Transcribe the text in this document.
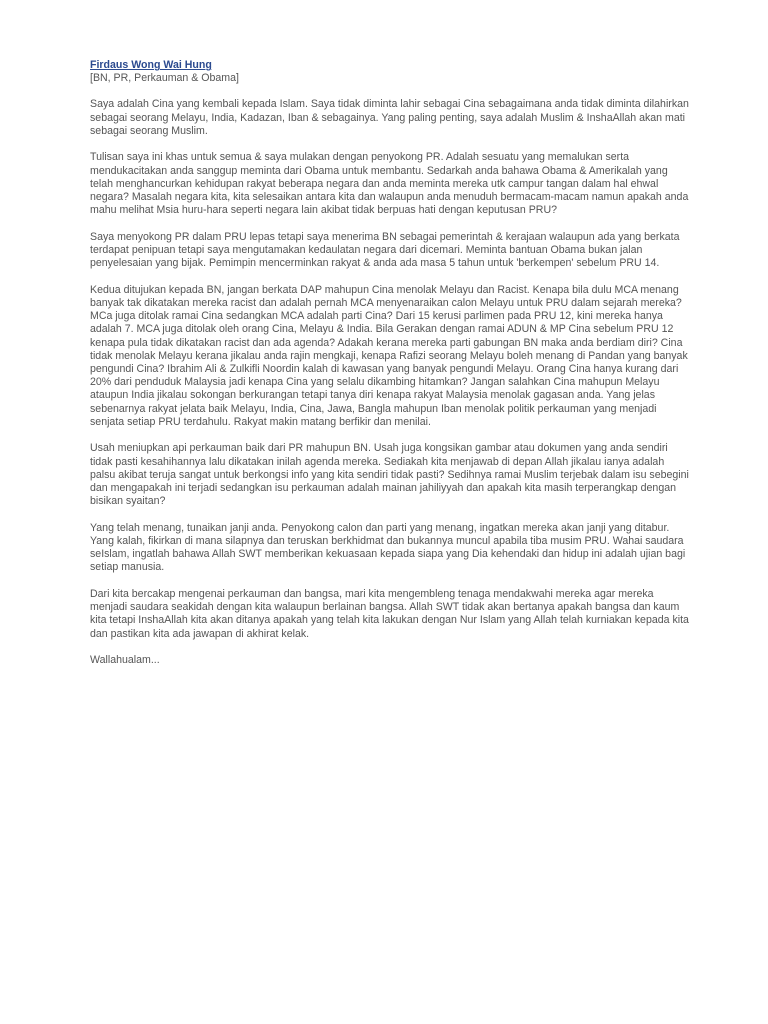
Firdaus Wong Wai Hung
[BN, PR, Perkauman & Obama]

Saya adalah Cina yang kembali kepada Islam. Saya tidak diminta lahir sebagai Cina sebagaimana anda tidak diminta dilahirkan sebagai seorang Melayu, India, Kadazan, Iban & sebagainya. Yang paling penting, saya adalah Muslim & InshaAllah akan mati sebagai seorang Muslim.

Tulisan saya ini khas untuk semua & saya mulakan dengan penyokong PR. Adalah sesuatu yang memalukan serta mendukacitakan anda sanggup meminta dari Obama untuk membantu. Sedarkah anda bahawa Obama & Amerikalah yang telah menghancurkan kehidupan rakyat beberapa negara dan anda meminta mereka utk campur tangan dalam hal ehwal negara? Masalah negara kita, kita selesaikan antara kita dan walaupun anda menuduh bermacam-macam namun apakah anda mahu melihat Msia huru-hara seperti negara lain akibat tidak berpuas hati dengan keputusan PRU?

Saya menyokong PR dalam PRU lepas tetapi saya menerima BN sebagai pemerintah & kerajaan walaupun ada yang berkata terdapat penipuan tetapi saya mengutamakan kedaulatan negara dari dicemari. Meminta bantuan Obama bukan jalan penyelesaian yang bijak. Pemimpin mencerminkan rakyat & anda ada masa 5 tahun untuk 'berkempen' sebelum PRU 14.

Kedua ditujukan kepada BN, jangan berkata DAP mahupun Cina menolak Melayu dan Racist. Kenapa bila dulu MCA menang banyak tak dikatakan mereka racist dan adalah pernah MCA menyenaraikan calon Melayu untuk PRU dalam sejarah mereka? MCa juga ditolak ramai Cina sedangkan MCA adalah parti Cina? Dari 15 kerusi parlimen pada PRU 12, kini mereka hanya adalah 7. MCA juga ditolak oleh orang Cina, Melayu & India. Bila Gerakan dengan ramai ADUN & MP Cina sebelum PRU 12 kenapa pula tidak dikatakan racist dan ada agenda? Adakah kerana mereka parti gabungan BN maka anda berdiam diri? Cina tidak menolak Melayu kerana jikalau anda rajin mengkaji, kenapa Rafizi seorang Melayu boleh menang di Pandan yang banyak pengundi Cina? Ibrahim Ali & Zulkifli Noordin kalah di kawasan yang banyak pengundi Melayu. Orang Cina hanya kurang dari 20% dari penduduk Malaysia jadi kenapa Cina yang selalu dikambing hitamkan? Jangan salahkan Cina mahupun Melayu ataupun India jikalau sokongan berkurangan tetapi tanya diri kenapa rakyat Malaysia menolak gagasan anda. Yang jelas sebenarnya rakyat jelata baik Melayu, India, Cina, Jawa, Bangla mahupun Iban menolak politik perkauman yang menjadi senjata setiap PRU terdahulu. Rakyat makin matang berfikir dan menilai.

Usah meniupkan api perkauman baik dari PR mahupun BN. Usah juga kongsikan gambar atau dokumen yang anda sendiri tidak pasti kesahihannya lalu dikatakan inilah agenda mereka. Sediakah kita menjawab di depan Allah jikalau ianya adalah palsu akibat teruja sangat untuk berkongsi info yang kita sendiri tidak pasti? Sedihnya ramai Muslim terjebak dalam isu sebegini dan mengapakah ini terjadi sedangkan isu perkauman adalah mainan jahiliyyah dan apakah kita masih terperangkap dengan bisikan syaitan?

Yang telah menang, tunaikan janji anda. Penyokong calon dan parti yang menang, ingatkan mereka akan janji yang ditabur. Yang kalah, fikirkan di mana silapnya dan teruskan berkhidmat dan bukannya muncul apabila tiba musim PRU. Wahai saudara seIslam, ingatlah bahawa Allah SWT memberikan kekuasaan kepada siapa yang Dia kehendaki dan hidup ini adalah ujian bagi setiap manusia.

Dari kita bercakap mengenai perkauman dan bangsa, mari kita mengembleng tenaga mendakwahi mereka agar mereka menjadi saudara seakidah dengan kita walaupun berlainan bangsa. Allah SWT tidak akan bertanya apakah bangsa dan kaum kita tetapi InshaAllah kita akan ditanya apakah yang telah kita lakukan dengan Nur Islam yang Allah telah kurniakan kepada kita dan pastikan kita ada jawapan di akhirat kelak.

Wallahualam...
